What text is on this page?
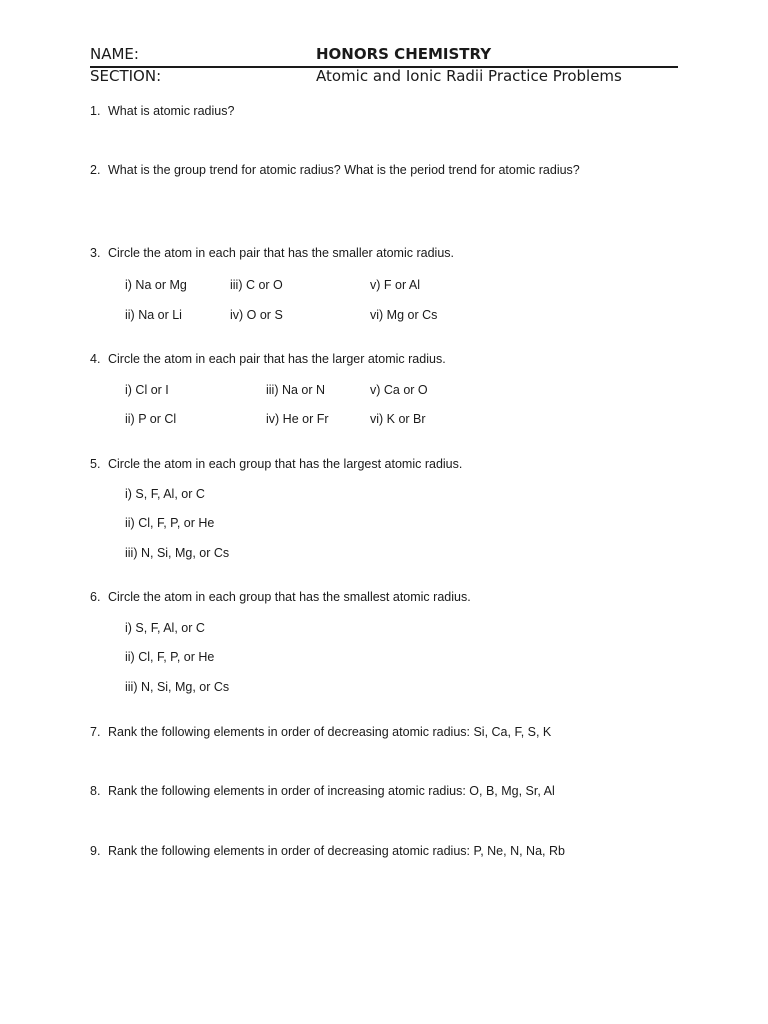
NAME:	HONORS CHEMISTRY
SECTION:	Atomic and Ionic Radii Practice Problems
1. What is atomic radius?
2. What is the group trend for atomic radius? What is the period trend for atomic radius?
3. Circle the atom in each pair that has the smaller atomic radius.
i) Na or Mg	iii) C or O	v) F or Al
ii) Na or Li	iv) O or S	vi) Mg or Cs
4. Circle the atom in each pair that has the larger atomic radius.
i) Cl or I	iii) Na or N	v) Ca or O
ii) P or Cl	iv) He or Fr	vi) K or Br
5. Circle the atom in each group that has the largest atomic radius.
i) S, F, Al, or C
ii) Cl, F, P, or He
iii) N, Si, Mg, or Cs
6. Circle the atom in each group that has the smallest atomic radius.
i) S, F, Al, or C
ii) Cl, F, P, or He
iii) N, Si, Mg, or Cs
7. Rank the following elements in order of decreasing atomic radius: Si, Ca, F, S, K
8. Rank the following elements in order of increasing atomic radius: O, B, Mg, Sr, Al
9. Rank the following elements in order of decreasing atomic radius: P, Ne, N, Na, Rb
